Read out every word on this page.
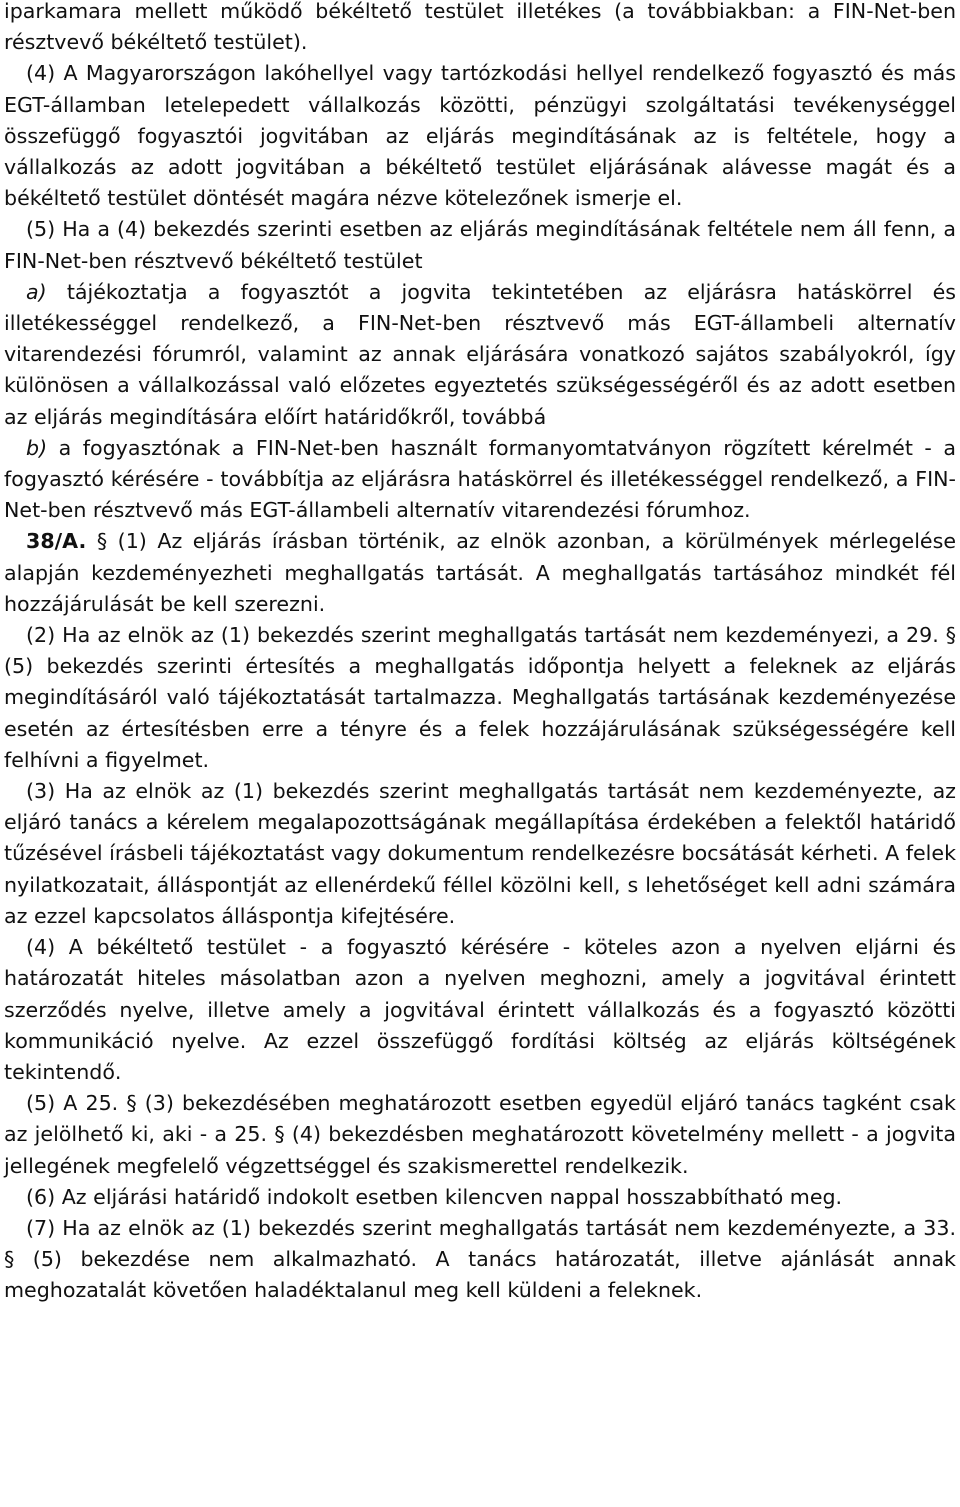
iparkamara mellett működő békéltető testület illetékes (a továbbiakban: a FIN-Net-ben résztvevő békéltető testület).

(4) A Magyarországon lakóhellyel vagy tartózkodási hellyel rendelkező fogyasztó és más EGT-államban letelepedett vállalkozás közötti, pénzügyi szolgáltatási tevékenységgel összefüggő fogyasztói jogvitában az eljárás megindításának az is feltétele, hogy a vállalkozás az adott jogvitában a békéltető testület eljárásának alávesse magát és a békéltető testület döntését magára nézve kötelezőnek ismerje el.

(5) Ha a (4) bekezdés szerinti esetben az eljárás megindításának feltétele nem áll fenn, a FIN-Net-ben résztvevő békéltető testület

a) tájékoztatja a fogyasztót a jogvita tekintetében az eljárásra hatáskörrel és illetékességgel rendelkező, a FIN-Net-ben résztvevő más EGT-állambeli alternatív vitarendezési fórumról, valamint az annak eljárására vonatkozó sajátos szabályokról, így különösen a vállalkozással való előzetes egyeztetés szükségességéről és az adott esetben az eljárás megindítására előírt határidőkről, továbbá

b) a fogyasztónak a FIN-Net-ben használt formanyomtatványon rögzített kérelmét - a fogyasztó kérésére - továbbítja az eljárásra hatáskörrel és illetékességgel rendelkező, a FIN-Net-ben résztvevő más EGT-állambeli alternatív vitarendezési fórumhoz.

38/A. § (1) Az eljárás írásban történik, az elnök azonban, a körülmények mérlegelése alapján kezdeményezheti meghallgatás tartását. A meghallgatás tartásához mindkét fél hozzájárulását be kell szerezni.

(2) Ha az elnök az (1) bekezdés szerint meghallgatás tartását nem kezdeményezi, a 29. § (5) bekezdés szerinti értesítés a meghallgatás időpontja helyett a feleknek az eljárás megindításáról való tájékoztatását tartalmazza. Meghallgatás tartásának kezdeményezése esetén az értesítésben erre a tényre és a felek hozzájárulásának szükségességére kell felhívni a figyelmet.

(3) Ha az elnök az (1) bekezdés szerint meghallgatás tartását nem kezdeményezte, az eljáró tanács a kérelem megalapozottságának megállapítása érdekében a felektől határidő tűzésével írásbeli tájékoztatást vagy dokumentum rendelkezésre bocsátását kérheti. A felek nyilatkozatait, álláspontját az ellenérdekű féllel közölni kell, s lehetőséget kell adni számára az ezzel kapcsolatos álláspontja kifejtésére.

(4) A békéltető testület - a fogyasztó kérésére - köteles azon a nyelven eljárni és határozatát hiteles másolatban azon a nyelven meghozni, amely a jogvitával érintett szerződés nyelve, illetve amely a jogvitával érintett vállalkozás és a fogyasztó közötti kommunikáció nyelve. Az ezzel összefüggő fordítási költség az eljárás költségének tekintendő.

(5) A 25. § (3) bekezdésében meghatározott esetben egyedül eljáró tanács tagként csak az jelölhető ki, aki - a 25. § (4) bekezdésben meghatározott követelmény mellett - a jogvita jellegének megfelelő végzettséggel és szakismerettel rendelkezik.

(6) Az eljárási határidő indokolt esetben kilencven nappal hosszabbítható meg.

(7) Ha az elnök az (1) bekezdés szerint meghallgatás tartását nem kezdeményezte, a 33. § (5) bekezdése nem alkalmazható. A tanács határozatát, illetve ajánlását annak meghozatalát követően haladéktalanul meg kell küldeni a feleknek.
